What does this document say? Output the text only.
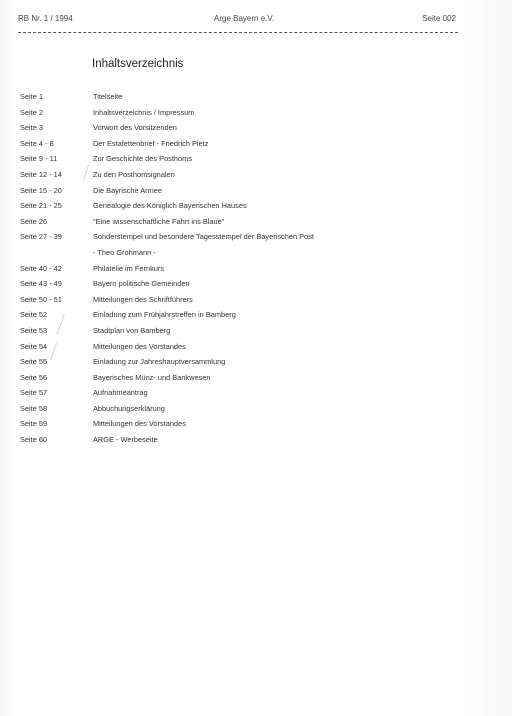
RB Nr. 1 / 1994	Arge Bayern e.V.	Seite 002
Inhaltsverzeichnis
Seite 1	Titelseite
Seite 2	Inhaltsverzeichnis / Impressum
Seite 3	Vorwort des Vorsitzenden
Seite 4 - 8	Der Estafettenbrief - Friedrich Pietz
Seite 9 - 11	Zur Geschichte des Posthoms
Seite 12 - 14	Zu den Posthomsignalen
Seite 15 - 20	Die Bayrische Armee
Seite 21 - 25	Genealogie des Königlich Bayerischen Hauses
Seite 26	"Eine wissenschaftliche Fahrt ins Blaue"
Seite 27 - 39	Sonderstempel und besondere Tagesstempel der Bayerischen Post
- Theo Grohmann -
Seite 40 - 42	Philatelie im Fernkurs
Seite 43 - 49	Bayern politische Gemeinden
Seite 50 - 51	Mitteilungen des Schriftführers
Seite 52	Einladung zum Frühjahrstreffen in Bamberg
Seite 53	Stadtplan von Bamberg
Seite 54	Mitteilungen des Vorstandes
Seite 55	Einladung zur Jahreshauptversammlung
Seite 56	Bayerisches Münz- und Bankwesen
Seite 57	Aufnahmeantrag
Seite 58	Abbuchungserklärung
Seite 59	Mitteilungen des Vorstandes
Seite 60	ARGE - Werbeseite
